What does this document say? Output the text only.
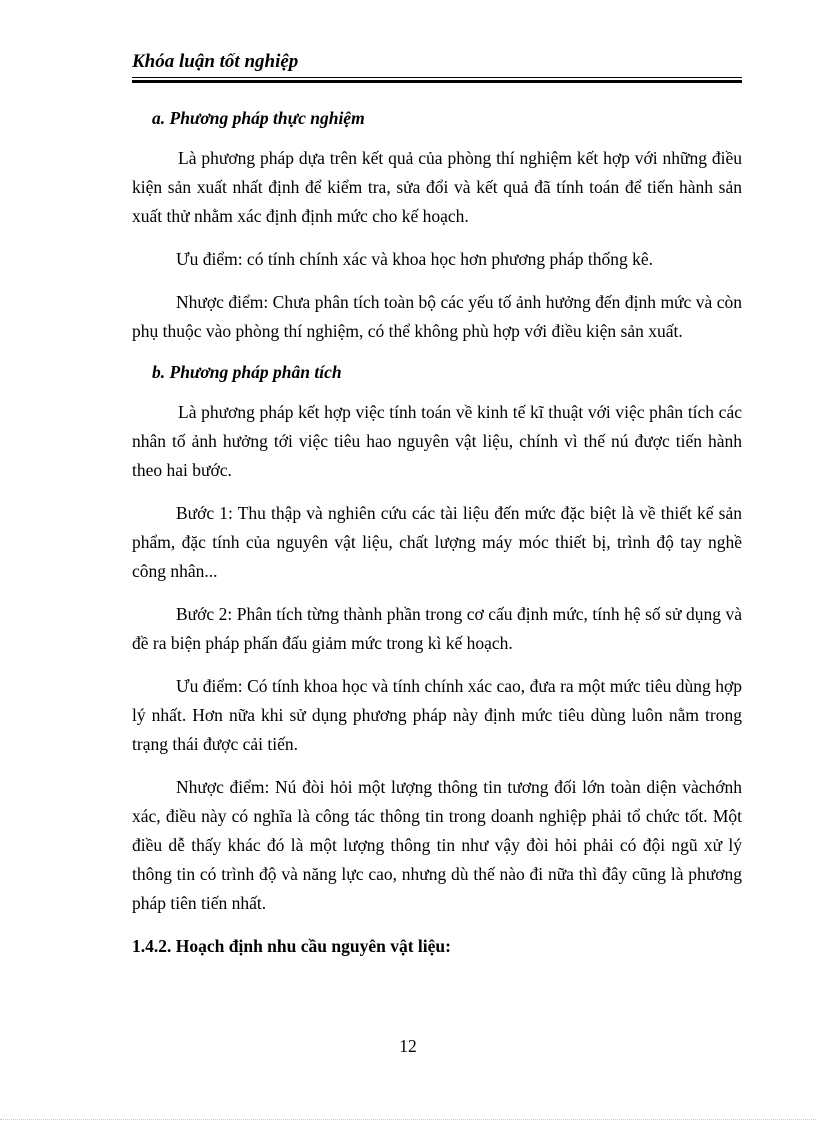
Khóa luận tốt nghiệp
a. Phương pháp thực nghiệm

Là phương pháp dựa trên kết quả của phòng thí nghiệm kết hợp với những điều kiện sản xuất nhất định để kiểm tra, sửa đổi và kết quả đã tính toán để tiến hành sản xuất thử nhằm xác định định mức cho kế hoạch.

Ưu điểm: có tính chính xác và khoa học hơn phương pháp thống kê.

Nhược điểm: Chưa phân tích toàn bộ các yếu tố ảnh hưởng đến định mức và còn phụ thuộc vào phòng thí nghiệm, có thể không phù hợp với điều kiện sản xuất.

b. Phương pháp phân tích

Là phương pháp kết hợp việc tính toán về kinh tế kĩ thuật với việc phân tích các nhân tố ảnh hưởng tới việc tiêu hao nguyên vật liệu, chính vì thế nú được tiến hành theo hai bước.

Bước 1: Thu thập và nghiên cứu các tài liệu đến mức đặc biệt là về thiết kế sản phẩm, đặc tính của nguyên vật liệu, chất lượng máy móc thiết bị, trình độ tay nghề công nhân...

Bước 2: Phân tích từng thành phần trong cơ cấu định mức, tính hệ số sử dụng và đề ra biện pháp phấn đấu giảm mức trong kì kế hoạch.

Ưu điểm: Có tính khoa học và tính chính xác cao, đưa ra một mức tiêu dùng hợp lý nhất. Hơn nữa khi sử dụng phương pháp này định mức tiêu dùng luôn nằm trong trạng thái được cải tiến.

Nhược điểm: Nú đòi hỏi một lượng thông tin tương đối lớn toàn diện vàchớnh xác, điều này có nghĩa là công tác thông tin trong doanh nghiệp phải tổ chức tốt. Một điều dễ thấy khác đó là một lượng thông tin như vậy đòi hỏi phải có đội ngũ xử lý thông tin có trình độ và năng lực cao, nhưng dù thế nào đi nữa thì đây cũng là phương pháp tiên tiến nhất.

1.4.2. Hoạch định nhu cầu nguyên vật liệu:
12
